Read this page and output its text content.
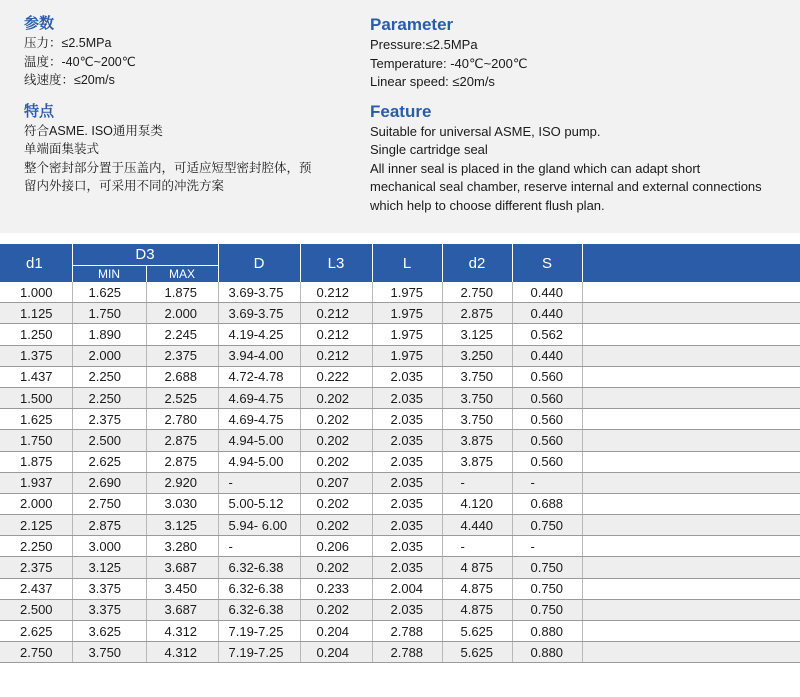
参数

压力：≤2.5MPa

温度：-40℃~200℃

线速度：≤20m/s

特点

符合ASME. ISO通用泵类

单端面集装式

整个密封部分置于压盖内，可适应短型密封腔体，预

留内外接口，可采用不同的冲洗方案

Parameter

Pressure:≤2.5MPa

Temperature: -40℃~200℃

Linear speed: ≤20m/s

Feature

Suitable for universal ASME, ISO pump.

Single cartridge seal

All inner seal is placed in the gland which can adapt short

mechanical seal chamber, reserve internal and external connections

which help to choose different flush plan.

d1	D3		D	L3	L	d2	S	
	MIN	MAX						
1.000	1.625	1.875	3.69-3.75	0.212	1.975	2.750	0.440	
1.125	1.750	2.000	3.69-3.75	0.212	1.975	2.875	0.440	
1.250	1.890	2.245	4.19-4.25	0.212	1.975	3.125	0.562	
1.375	2.000	2.375	3.94-4.00	0.212	1.975	3.250	0.440	
1.437	2.250	2.688	4.72-4.78	0.222	2.035	3.750	0.560	
1.500	2.250	2.525	4.69-4.75	0.202	2.035	3.750	0.560	
1.625	2.375	2.780	4.69-4.75	0.202	2.035	3.750	0.560	
1.750	2.500	2.875	4.94-5.00	0.202	2.035	3.875	0.560	
1.875	2.625	2.875	4.94-5.00	0.202	2.035	3.875	0.560	
1.937	2.690	2.920	-	0.207	2.035	-	-	
2.000	2.750	3.030	5.00-5.12	0.202	2.035	4.120	0.688	
2.125	2.875	3.125	5.94- 6.00	0.202	2.035	4.440	0.750	
2.250	3.000	3.280	-	0.206	2.035	-	-	
2.375	3.125	3.687	6.32-6.38	0.202	2.035	4 875	0.750	
2.437	3.375	3.450	6.32-6.38	0.233	2.004	4.875	0.750	
2.500	3.375	3.687	6.32-6.38	0.202	2.035	4.875	0.750	
2.625	3.625	4.312	7.19-7.25	0.204	2.788	5.625	0.880	
2.750	3.750	4.312	7.19-7.25	0.204	2.788	5.625	0.880	
